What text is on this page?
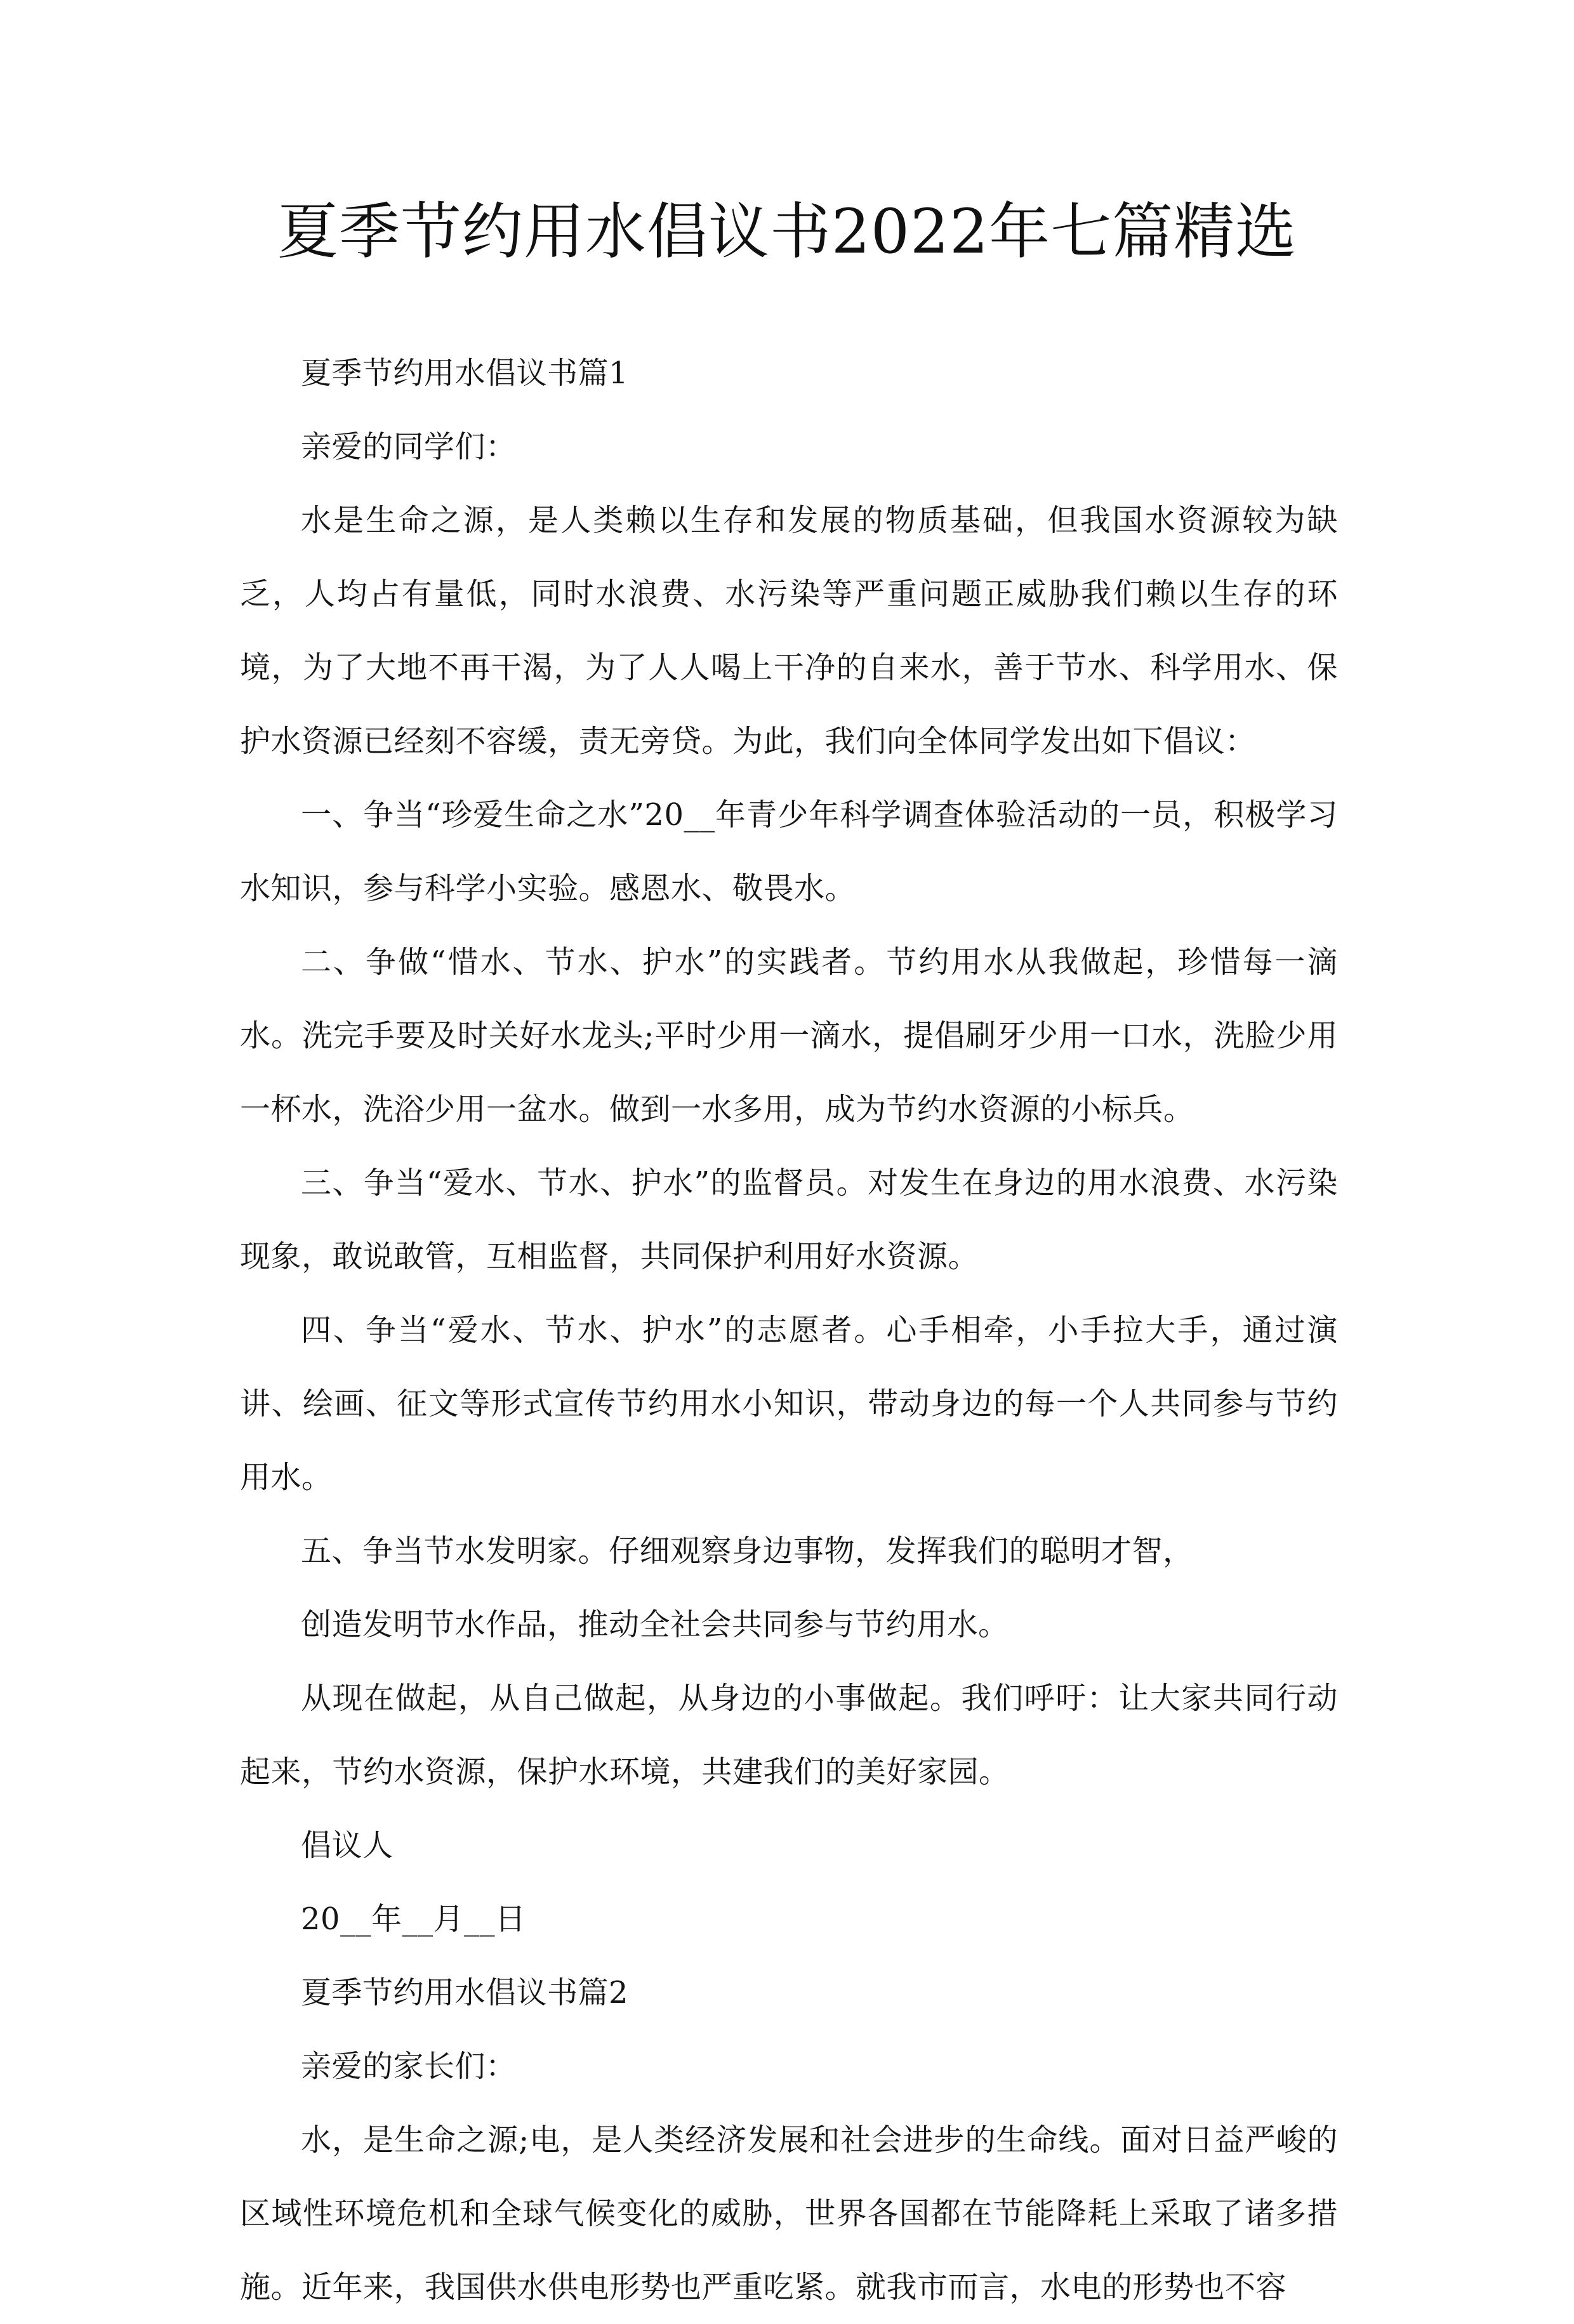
夏季节约用水倡议书2022年七篇精选

夏季节约用水倡议书篇1

亲爱的同学们：

水是生命之源，是人类赖以生存和发展的物质基础，但我国水资源较为缺乏，人均占有量低，同时水浪费、水污染等严重问题正威胁我们赖以生存的环境，为了大地不再干渴，为了人人喝上干净的自来水，善于节水、科学用水、保护水资源已经刻不容缓，责无旁贷。为此，我们向全体同学发出如下倡议：

一、争当“珍爱生命之水”20__年青少年科学调查体验活动的一员，积极学习水知识，参与科学小实验。感恩水、敬畏水。

二、争做“惜水、节水、护水”的实践者。节约用水从我做起，珍惜每一滴水。洗完手要及时关好水龙头;平时少用一滴水，提倡刷牙少用一口水，洗脸少用一杯水，洗浴少用一盆水。做到一水多用，成为节约水资源的小标兵。

三、争当“爱水、节水、护水”的监督员。对发生在身边的用水浪费、水污染现象，敢说敢管，互相监督，共同保护利用好水资源。

四、争当“爱水、节水、护水”的志愿者。心手相牵，小手拉大手，通过演讲、绘画、征文等形式宣传节约用水小知识，带动身边的每一个人共同参与节约用水。

五、争当节水发明家。仔细观察身边事物，发挥我们的聪明才智，

创造发明节水作品，推动全社会共同参与节约用水。

从现在做起，从自己做起，从身边的小事做起。我们呼吁：让大家共同行动起来，节约水资源，保护水环境，共建我们的美好家园。

倡议人

20__年__月__日

夏季节约用水倡议书篇2

亲爱的家长们：

水，是生命之源;电，是人类经济发展和社会进步的生命线。面对日益严峻的区域性环境危机和全球气候变化的威胁，世界各国都在节能降耗上采取了诸多措施。近年来，我国供水供电形势也严重吃紧。就我市而言，水电的形势也不容
